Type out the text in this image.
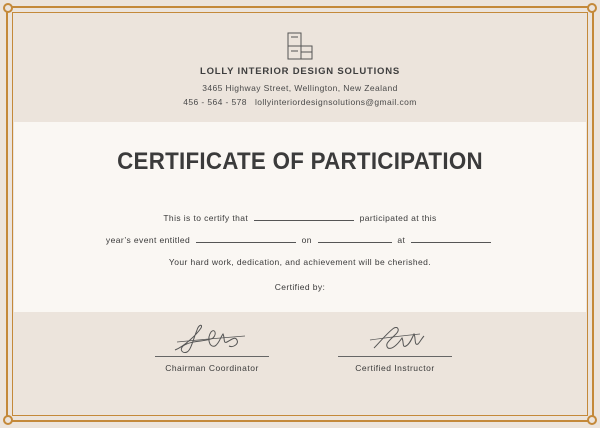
LOLLY INTERIOR DESIGN SOLUTIONS
3465 Highway Street, Wellington, New Zealand
456 - 564 - 578 lollyinteriordesignsolutions@gmail.com
CERTIFICATE OF PARTICIPATION
This is to certify that	participated at this
year’s event entitled	on	at
Your hard work, dedication, and achievement will be cherished.
Certified by:
Chairman Coordinator	Certified Instructor
